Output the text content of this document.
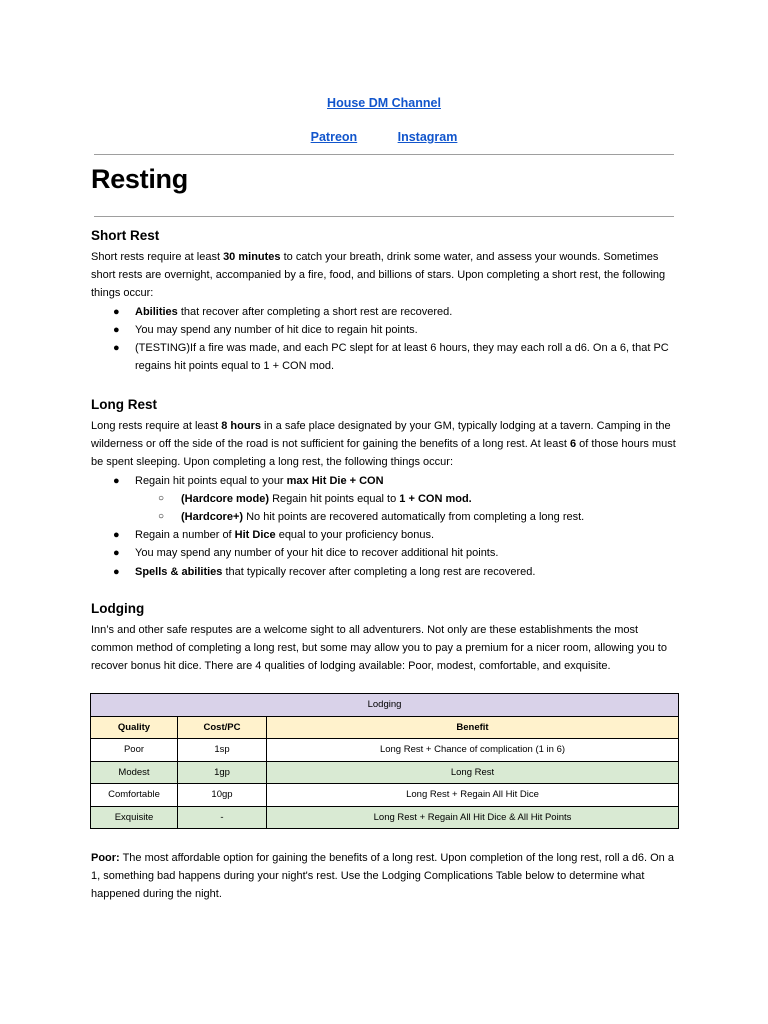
House DM Channel
Patreon	Instagram
Resting
Short Rest

Short rests require at least 30 minutes to catch your breath, drink some water, and assess your wounds. Sometimes short rests are overnight, accompanied by a fire, food, and billions of stars. Upon completing a short rest, the following things occur:

● Abilities that recover after completing a short rest are recovered.
● You may spend any number of hit dice to regain hit points.
● (TESTING)If a fire was made, and each PC slept for at least 6 hours, they may each roll a d6. On a 6, that PC regains hit points equal to 1 + CON mod.
Long Rest

Long rests require at least 8 hours in a safe place designated by your GM, typically lodging at a tavern. Camping in the wilderness or off the side of the road is not sufficient for gaining the benefits of a long rest. At least 6 of those hours must be spent sleeping. Upon completing a long rest, the following things occur:

● Regain hit points equal to your max Hit Die + CON
○ (Hardcore mode) Regain hit points equal to 1 + CON mod.
○ (Hardcore+) No hit points are recovered automatically from completing a long rest.
● Regain a number of Hit Dice equal to your proficiency bonus.
● You may spend any number of your hit dice to recover additional hit points.
● Spells & abilities that typically recover after completing a long rest are recovered.
Lodging

Inn’s and other safe resputes are a welcome sight to all adventurers. Not only are these establishments the most common method of completing a long rest, but some may allow you to pay a premium for a nicer room, allowing you to recover bonus hit dice. There are 4 qualities of lodging available: Poor, modest, comfortable, and exquisite.

Lodging		
Quality	Cost/PC	Benefit
Poor	1sp	Long Rest + Chance of complication (1 in 6)
Modest	1gp	Long Rest
Comfortable	10gp	Long Rest + Regain All Hit Dice
Exquisite	-	Long Rest + Regain All Hit Dice & All Hit Points

Poor: The most affordable option for gaining the benefits of a long rest. Upon completion of the long rest, roll a d6. On a 1, something bad happens during your night's rest. Use the Lodging Complications Table below to determine what happened during the night.
